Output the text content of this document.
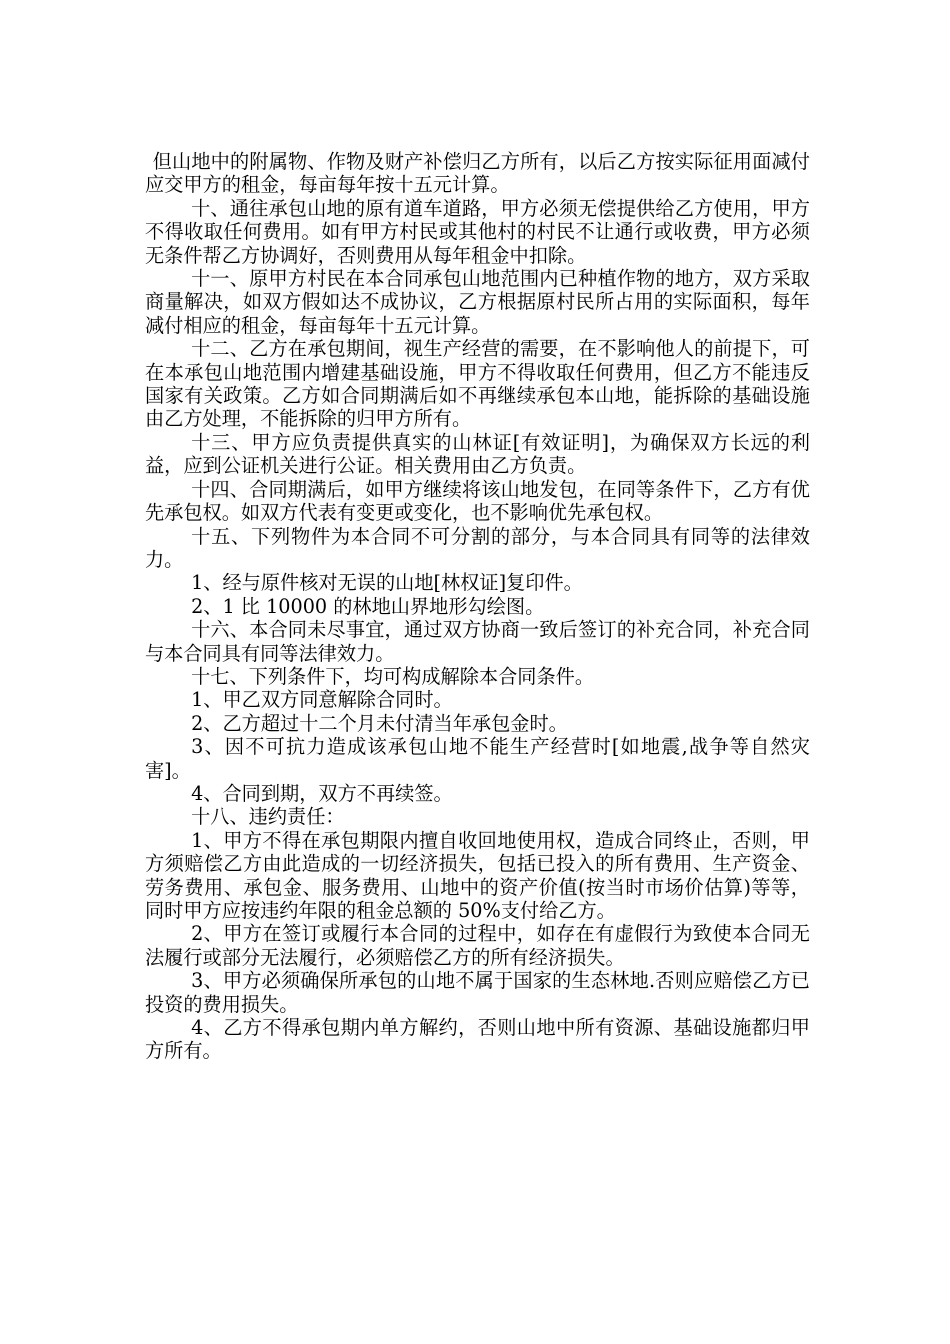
但山地中的附属物、作物及财产补偿归乙方所有，以后乙方按实际征用面减付应交甲方的租金，每亩每年按十五元计算。

十、通往承包山地的原有道车道路，甲方必须无偿提供给乙方使用，甲方不得收取任何费用。如有甲方村民或其他村的村民不让通行或收费，甲方必须无条件帮乙方协调好，否则费用从每年租金中扣除。

十一、原甲方村民在本合同承包山地范围内已种植作物的地方，双方采取商量解决，如双方假如达不成协议，乙方根据原村民所占用的实际面积，每年减付相应的租金，每亩每年十五元计算。

十二、乙方在承包期间，视生产经营的需要，在不影响他人的前提下，可在本承包山地范围内增建基础设施，甲方不得收取任何费用，但乙方不能违反国家有关政策。乙方如合同期满后如不再继续承包本山地，能拆除的基础设施由乙方处理，不能拆除的归甲方所有。

十三、甲方应负责提供真实的山林证[有效证明]，为确保双方长远的利益，应到公证机关进行公证。相关费用由乙方负责。

十四、合同期满后，如甲方继续将该山地发包，在同等条件下，乙方有优先承包权。如双方代表有变更或变化，也不影响优先承包权。

十五、下列物件为本合同不可分割的部分，与本合同具有同等的法律效力。

1、经与原件核对无误的山地[林权证]复印件。

2、1 比 10000 的林地山界地形勾绘图。

十六、本合同未尽事宜，通过双方协商一致后签订的补充合同，补充合同与本合同具有同等法律效力。

十七、下列条件下，均可构成解除本合同条件。

1、甲乙双方同意解除合同时。

2、乙方超过十二个月未付清当年承包金时。

3、因不可抗力造成该承包山地不能生产经营时[如地震,战争等自然灾害]。

4、合同到期，双方不再续签。

十八、违约责任：

1、甲方不得在承包期限内擅自收回地使用权，造成合同终止，否则，甲方须赔偿乙方由此造成的一切经济损失，包括已投入的所有费用、生产资金、劳务费用、承包金、服务费用、山地中的资产价值(按当时市场价估算)等等，同时甲方应按违约年限的租金总额的 50%支付给乙方。

2、甲方在签订或履行本合同的过程中，如存在有虚假行为致使本合同无法履行或部分无法履行，必须赔偿乙方的所有经济损失。

3、甲方必须确保所承包的山地不属于国家的生态林地.否则应赔偿乙方已投资的费用损失。

4、乙方不得承包期内单方解约，否则山地中所有资源、基础设施都归甲方所有。
